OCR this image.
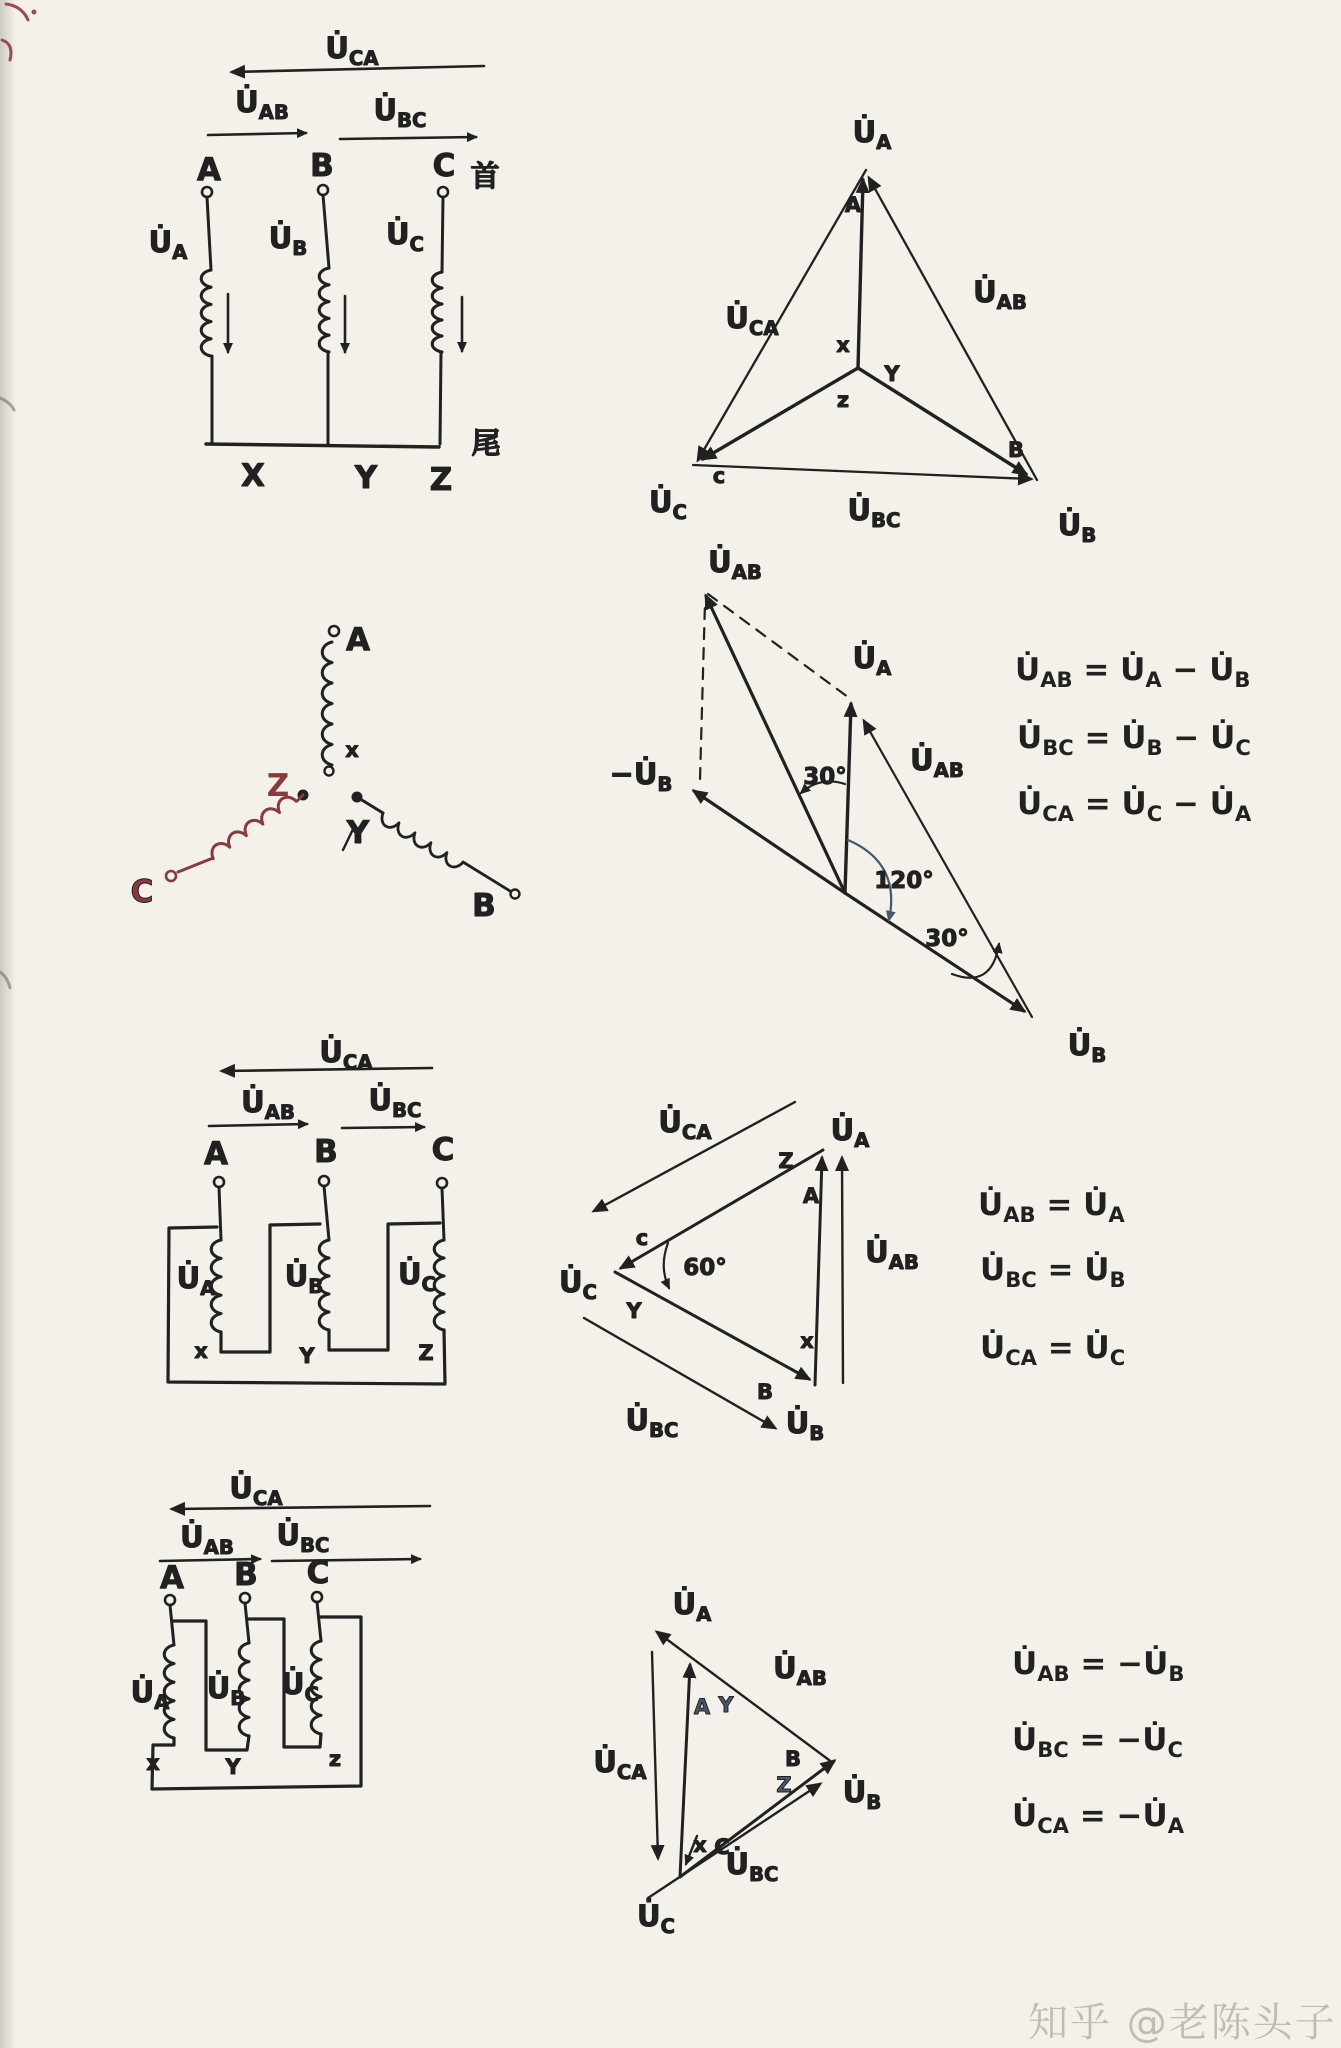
$U̇_{CA}$
$U̇_{AB}$	$U̇_{BC}$
A	B	C 首
$U̇_A$	$U̇_B$	$U̇_C$
X	Y Z
尾
$U̇_A$
A
$U̇_{CA}$
$U̇_{AB}$
x
Y
z
c
$U̇_C$	$U̇_{BC}$
B
$U̇_B$
A
x
Z
Y
C	B
$U̇_{AB}$
$U̇_A$
$-U̇_B$
$U̇_{AB}$
30°
120°
30°
$U̇_B$
$U̇_{AB}$ = $U̇_A$ − $U̇_B$
$U̇_{BC}$ = $U̇_B$ − $U̇_C$
$U̇_{CA}$ = $U̇_C$ − $U̇_A$
$U̇_{CA}$
$U̇_{AB}$	$U̇_{BC}$
A	B	C
$U̇_A$ $U̇_B$	$U̇_C$
x	Y	Z
$U̇_{CA}$
$U̇_{AB}$
$U̇_{BC}$
60°
$U̇_A$
Z
A
c
$U̇_C$
Y
x
B
$U̇_B$
$U̇_{AB}$ = $U̇_A$
$U̇_{BC}$ = $U̇_B$
$U̇_{CA}$ = $U̇_C$
$U̇_{CA}$
$U̇_{AB}$ $U̇_{BC}$
A B C
$U̇_A$ $U̇_B$ $U̇_C$
x	Y	z
$U̇_{AB}$
$U̇_A$
$U̇_{CA}$
$U̇_{BC}$
A Y
B
Z $U̇_B$
x C
$U̇_C$
$U̇_{AB}$ = $-U̇_B$
$U̇_{BC}$ = $-U̇_C$
$U̇_{CA}$ = $-U̇_A$
知乎 @老陈头子
